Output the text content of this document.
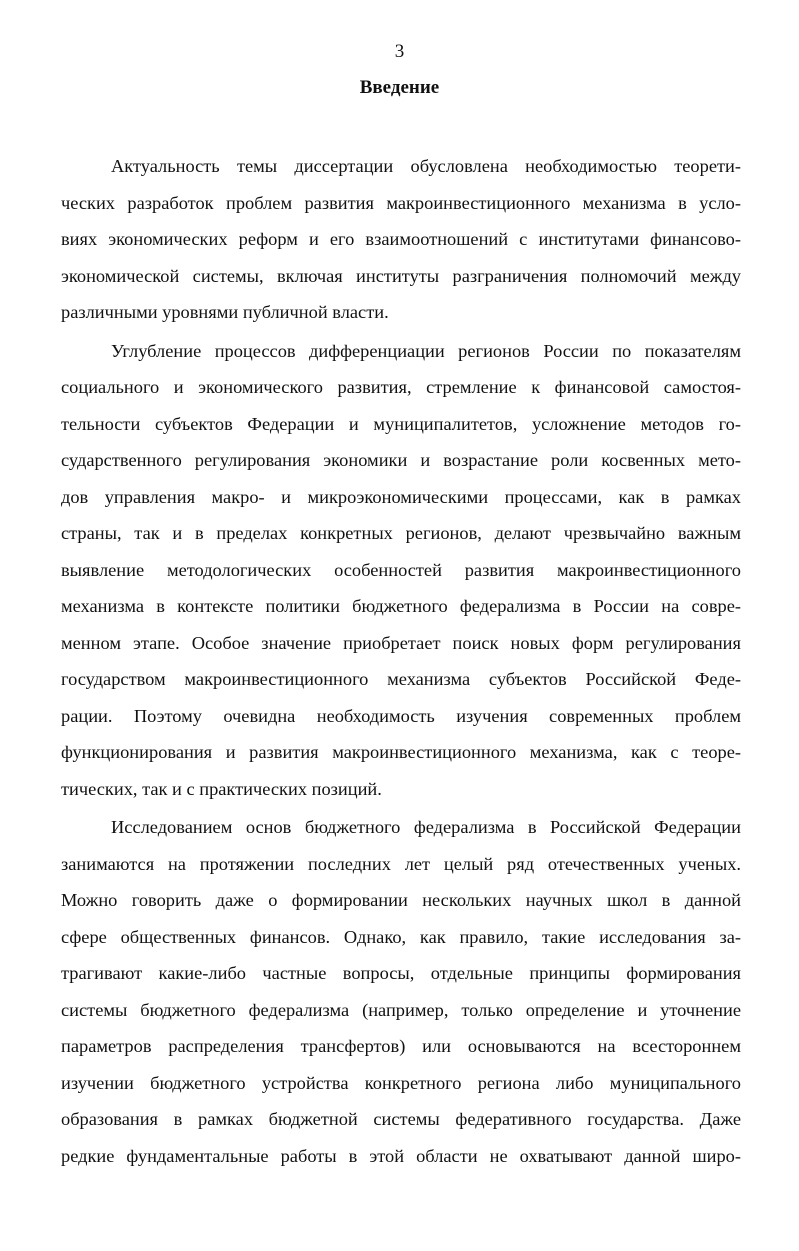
3
Введение
Актуальность темы диссертации обусловлена необходимостью теорети-
ческих разработок проблем развития макроинвестиционного механизма в усло-
виях экономических реформ и его взаимоотношений с институтами финансово-
экономической системы, включая институты разграничения полномочий между
различными уровнями публичной власти.
Углубление процессов дифференциации регионов России по показателям
социального и экономического развития, стремление к финансовой самостоя-
тельности субъектов Федерации и муниципалитетов, усложнение методов го-
сударственного регулирования экономики и возрастание роли косвенных мето-
дов управления макро- и микроэкономическими процессами, как в рамках
страны, так и в пределах конкретных регионов, делают чрезвычайно важным
выявление методологических особенностей развития макроинвестиционного
механизма в контексте политики бюджетного федерализма в России на совре-
менном этапе. Особое значение приобретает поиск новых форм регулирования
государством макроинвестиционного механизма субъектов Российской Феде-
рации. Поэтому очевидна необходимость изучения современных проблем
функционирования и развития макроинвестиционного механизма, как с теоре-
тических, так и с практических позиций.
Исследованием основ бюджетного федерализма в Российской Федерации
занимаются на протяжении последних лет целый ряд отечественных ученых.
Можно говорить даже о формировании нескольких научных школ в данной
сфере общественных финансов. Однако, как правило, такие исследования за-
трагивают какие-либо частные вопросы, отдельные принципы формирования
системы бюджетного федерализма (например, только определение и уточнение
параметров распределения трансфертов) или основываются на всестороннем
изучении бюджетного устройства конкретного региона либо муниципального
образования в рамках бюджетной системы федеративного государства. Даже
редкие фундаментальные работы в этой области не охватывают данной широ-
